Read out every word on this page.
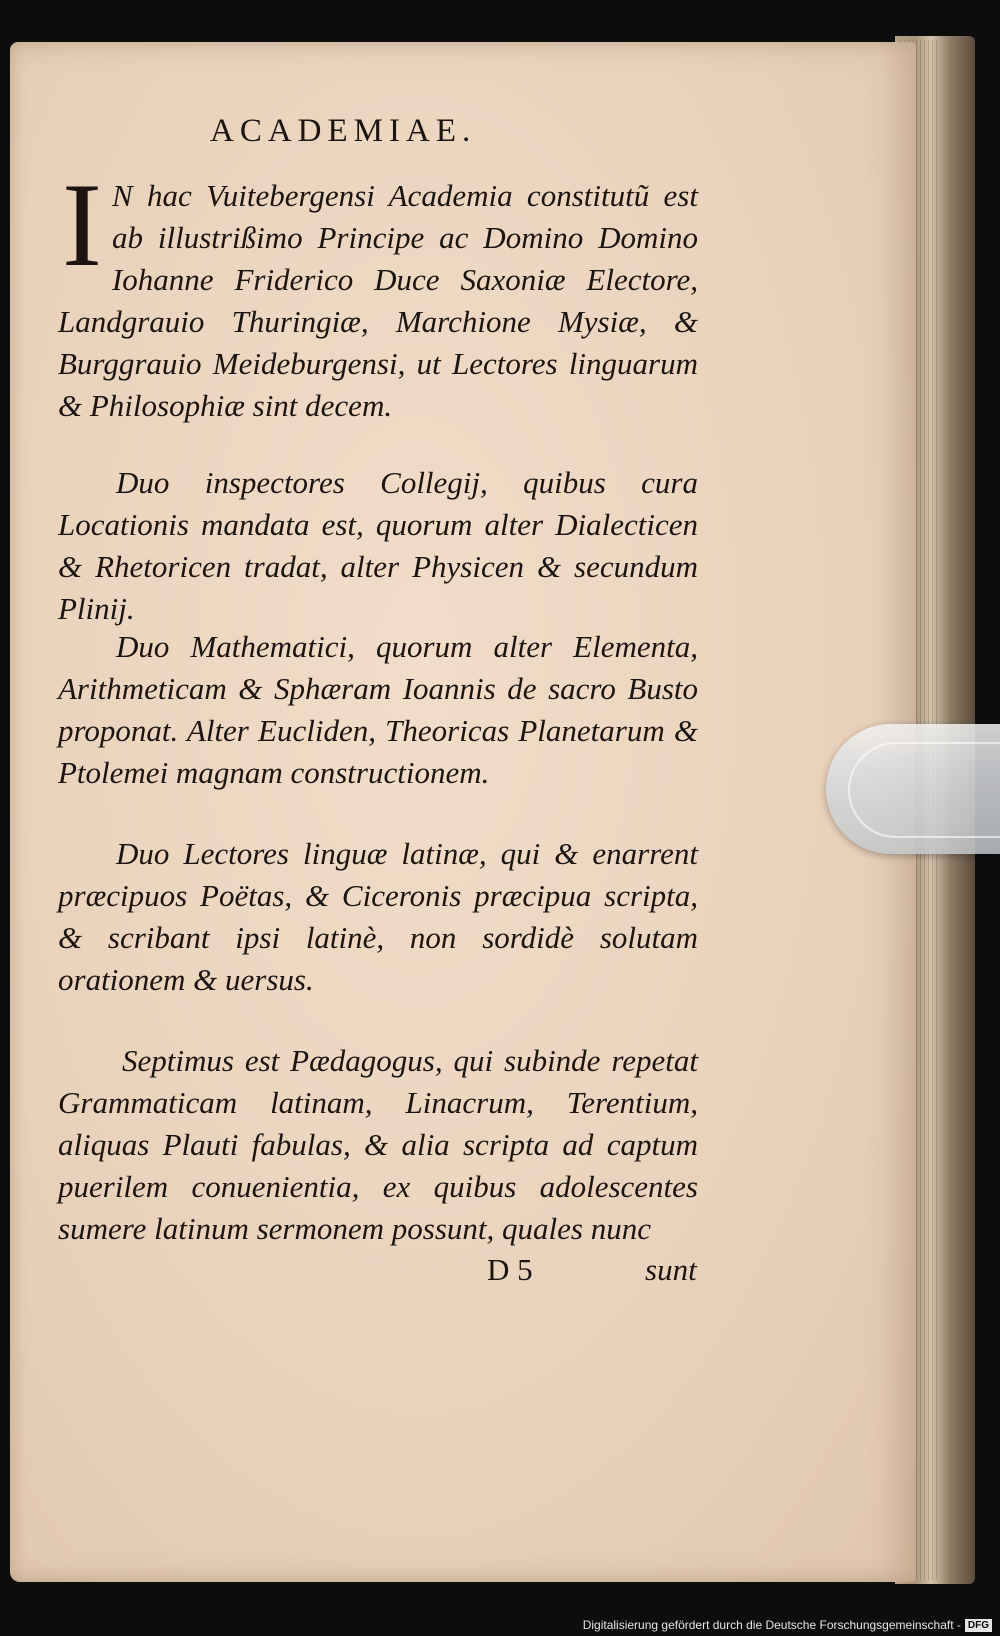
ACADEMIAE.
I N hac Vuitebergensi Academia constitutũ est ab illustrißimo Principe ac Domino Domino Iohanne Friderico Duce Saxoniæ Electore, Landgrauio Thuringiæ, Marchione Mysiæ, & Burggrauio Meideburgensi, ut Lectores linguarum & Philosophiæ sint decem.
Duo inspectores Collegij, quibus cura Locationis mandata est, quorum alter Dialecticen & Rhetoricen tradat, alter Physicen & secundum Plinij.
Duo Mathematici, quorum alter Elementa, Arithmeticam & Sphæram Ioannis de sacro Busto proponat. Alter Eucliden, Theoricas Planetarum & Ptolemei magnam constructionem.
Duo Lectores linguæ latinæ, qui & enarrent præcipuos Poëtas, & Ciceronis præcipua scripta, & scribant ipsi latinè, non sordidè solutam orationem & uersus.
Septimus est Pædagogus, qui subinde repetat Grammaticam latinam, Linacrum, Terentium, aliquas Plauti fabulas, & alia scripta ad captum puerilem conuenientia, ex quibus adolescentes sumere latinum sermonem possunt, quales nunc
D 5	sunt
Digitalisierung gefördert durch die Deutsche Forschungsgemeinschaft - DFG
